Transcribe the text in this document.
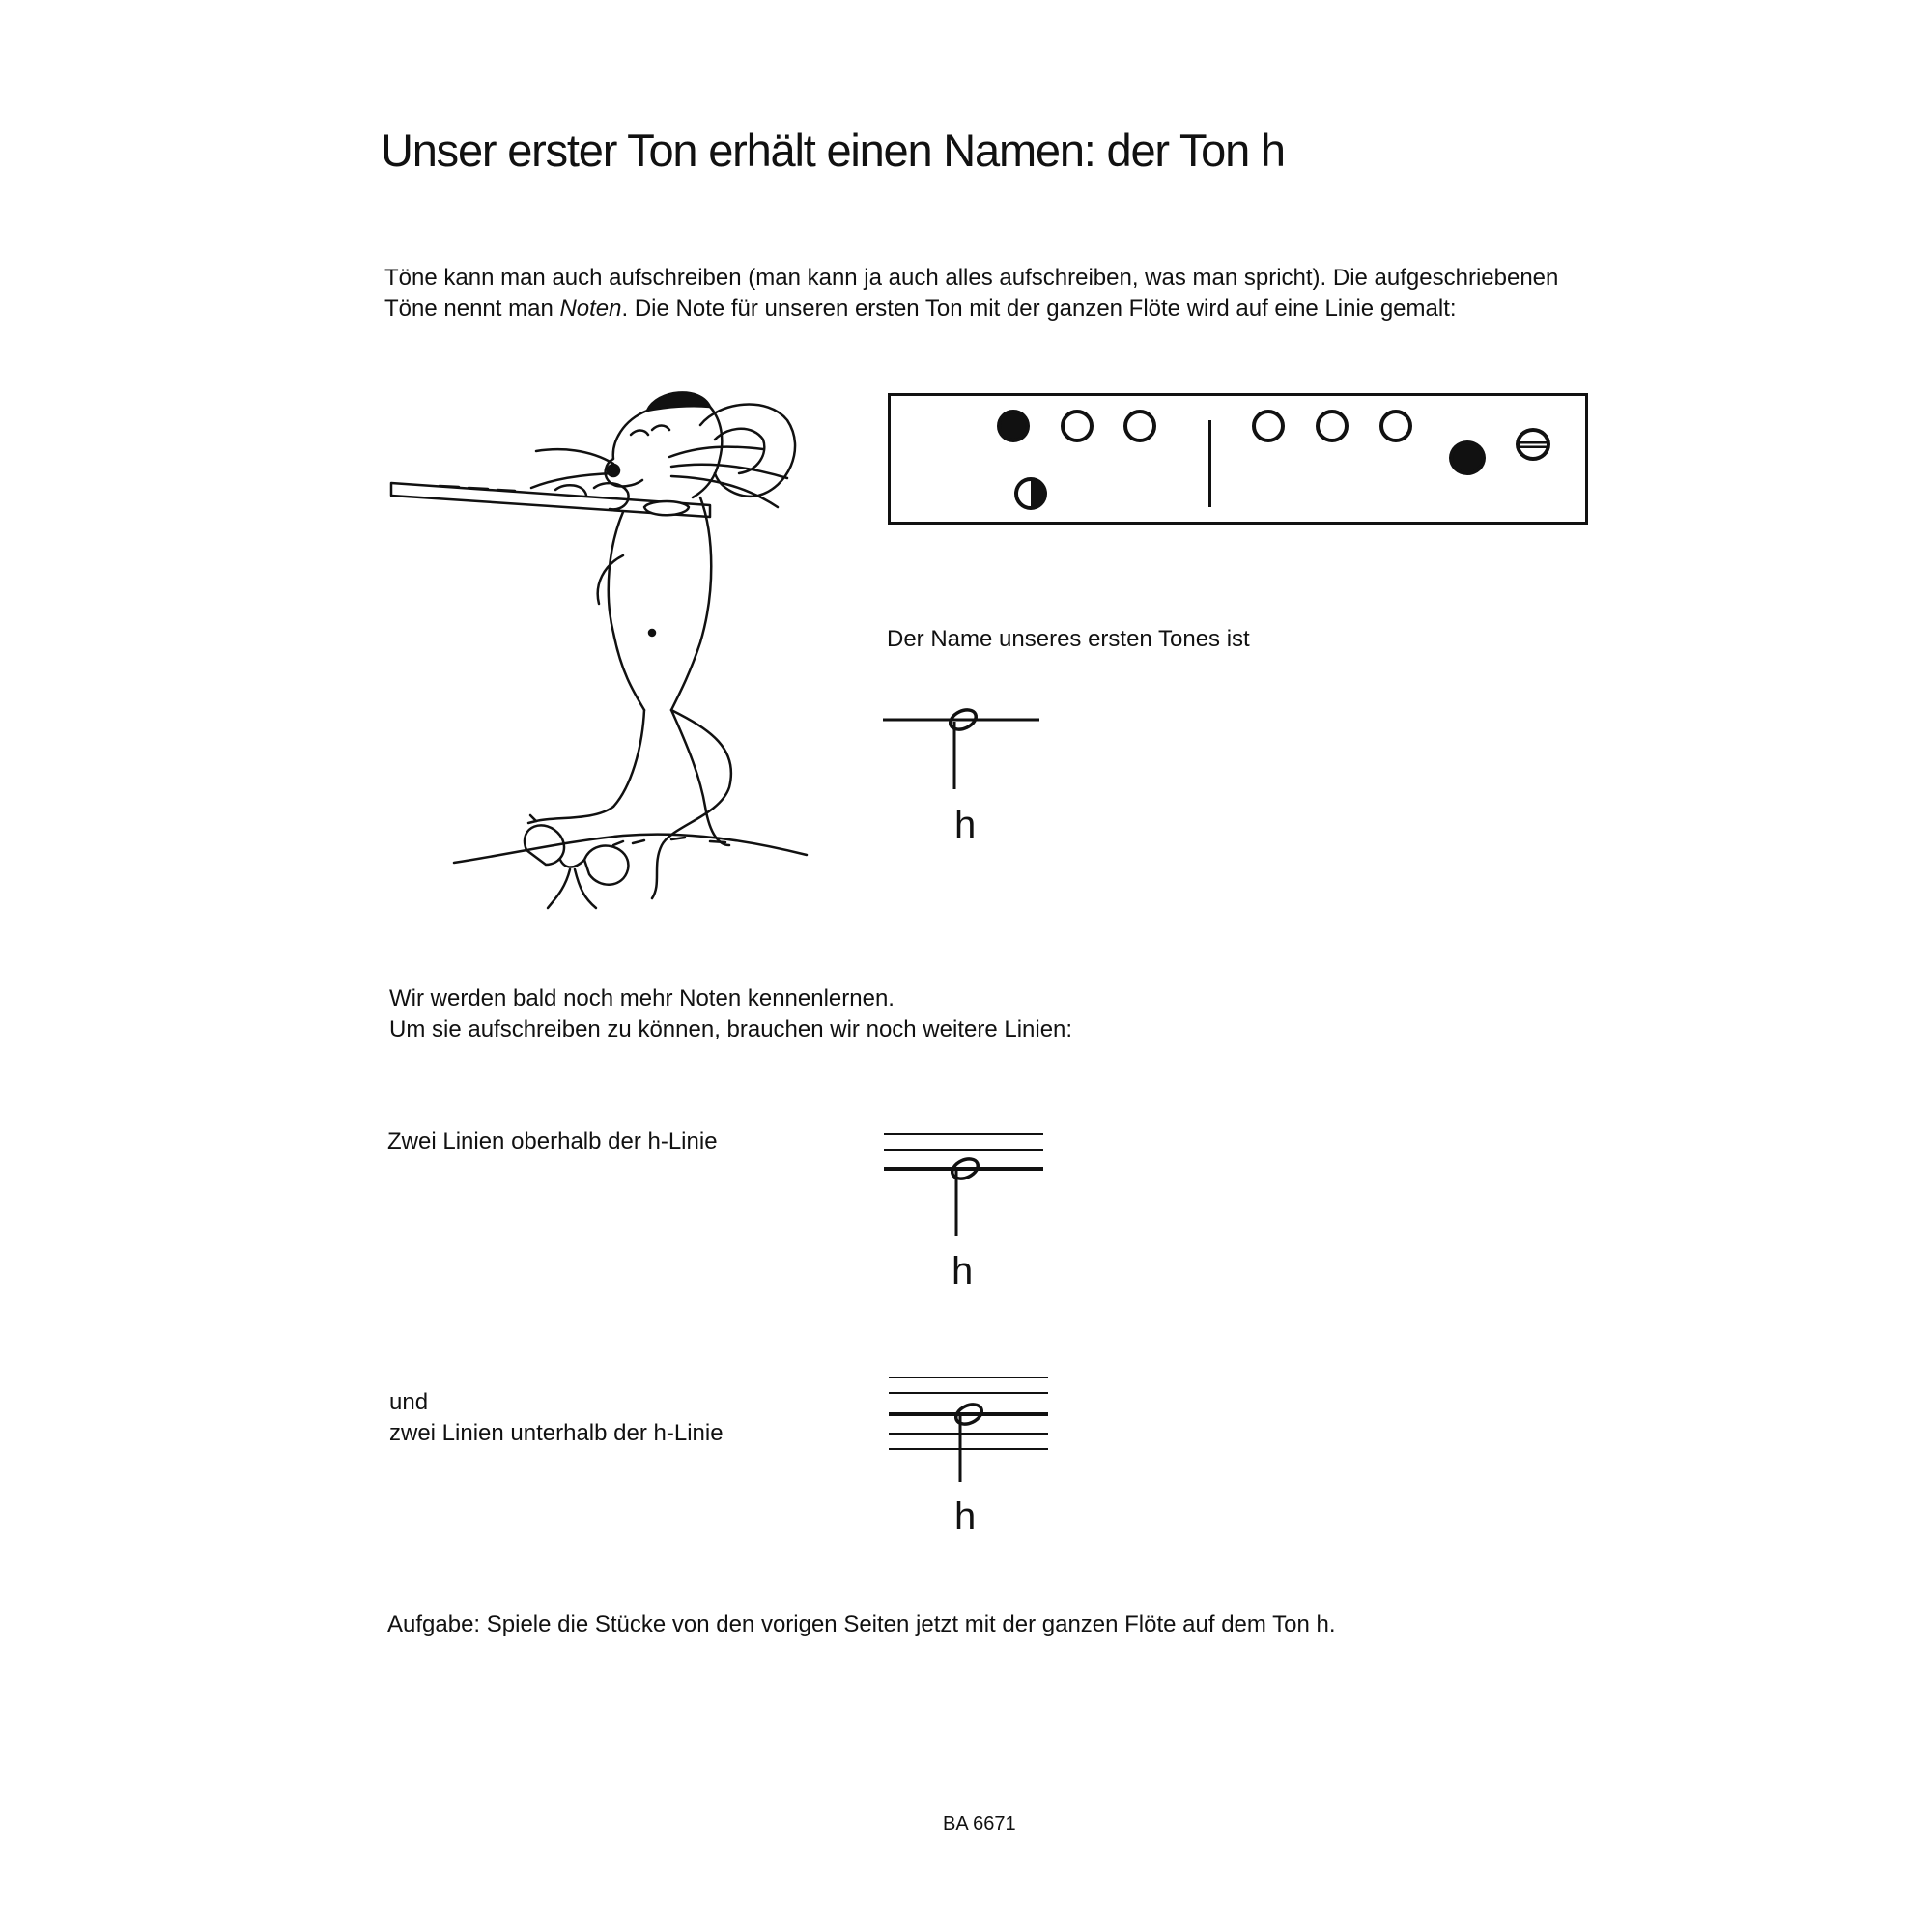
Unser erster Ton erhält einen Namen: der Ton h

Töne kann man auch aufschreiben (man kann ja auch alles aufschreiben, was man spricht). Die aufgeschriebenen

Töne nennt man Noten. Die Note für unseren ersten Ton mit der ganzen Flöte wird auf eine Linie gemalt:

Der Name unseres ersten Tones ist
h

Wir werden bald noch mehr Noten kennenlernen.

Um sie aufschreiben zu können, brauchen wir noch weitere Linien:

Zwei Linien oberhalb der h-Linie
h

und

zwei Linien unterhalb der h-Linie

h
Aufgabe: Spiele die Stücke von den vorigen Seiten jetzt mit der ganzen Flöte auf dem Ton h.
BA 6671
